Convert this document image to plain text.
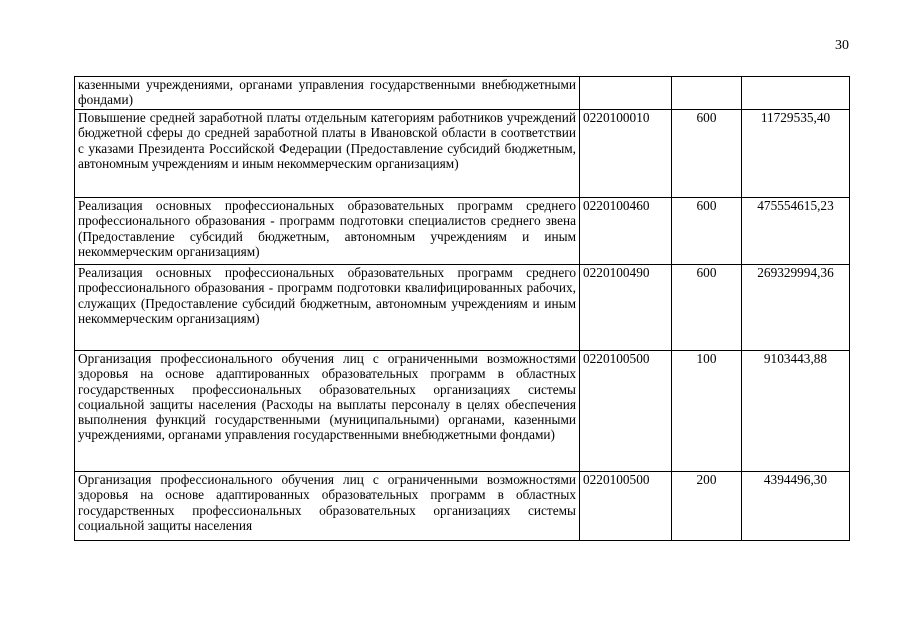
30
казенными учреждениями, органами управления государственными внебюджетными фондами)			
Повышение средней заработной платы отдельным категориям работников учреждений бюджетной сферы до средней заработной платы в Ивановской области в соответствии с указами Президента Российской Федерации (Предоставление субсидий бюджетным, автономным учреждениям и иным некоммерческим организациям)	0220100010	600	11729535,40
Реализация основных профессиональных образовательных программ среднего профессионального образования - программ подготовки специалистов среднего звена (Предоставление субсидий бюджетным, автономным учреждениям и иным некоммерческим организациям)	0220100460	600	475554615,23
Реализация основных профессиональных образовательных программ среднего профессионального образования - программ подготовки квалифицированных рабочих, служащих (Предоставление субсидий бюджетным, автономным учреждениям и иным некоммерческим организациям)	0220100490	600	269329994,36
Организация профессионального обучения лиц с ограниченными возможностями здоровья на основе адаптированных образовательных программ в областных государственных профессиональных образовательных организациях системы социальной защиты населения (Расходы на выплаты персоналу в целях обеспечения выполнения функций государственными (муниципальными) органами, казенными учреждениями, органами управления государственными внебюджетными фондами)	0220100500	100	9103443,88
Организация профессионального обучения лиц с ограниченными возможностями здоровья на основе адаптированных образовательных программ в областных государственных профессиональных образовательных организациях системы социальной защиты населения	0220100500	200	4394496,30
